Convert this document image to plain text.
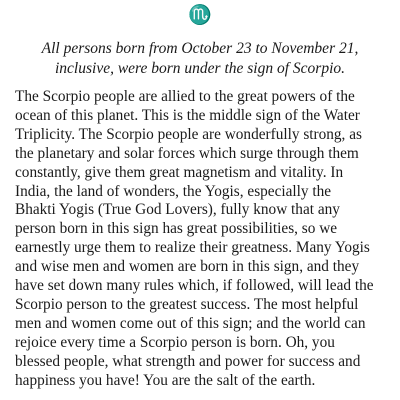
♏

All persons born from October 23 to November 21,
inclusive, were born under the sign of Scorpio.

The Scorpio people are allied to the great powers of the
ocean of this planet. This is the middle sign of the Water
Triplicity. The Scorpio people are wonderfully strong, as
the planetary and solar forces which surge through them
constantly, give them great magnetism and vitality. In
India, the land of wonders, the Yogis, especially the
Bhakti Yogis (True God Lovers), fully know that any
person born in this sign has great possibilities, so we
earnestly urge them to realize their greatness. Many Yogis
and wise men and women are born in this sign, and they
have set down many rules which, if followed, will lead the
Scorpio person to the greatest success. The most helpful
men and women come out of this sign; and the world can
rejoice every time a Scorpio person is born. Oh, you
blessed people, what strength and power for success and
happiness you have! You are the salt of the earth.
